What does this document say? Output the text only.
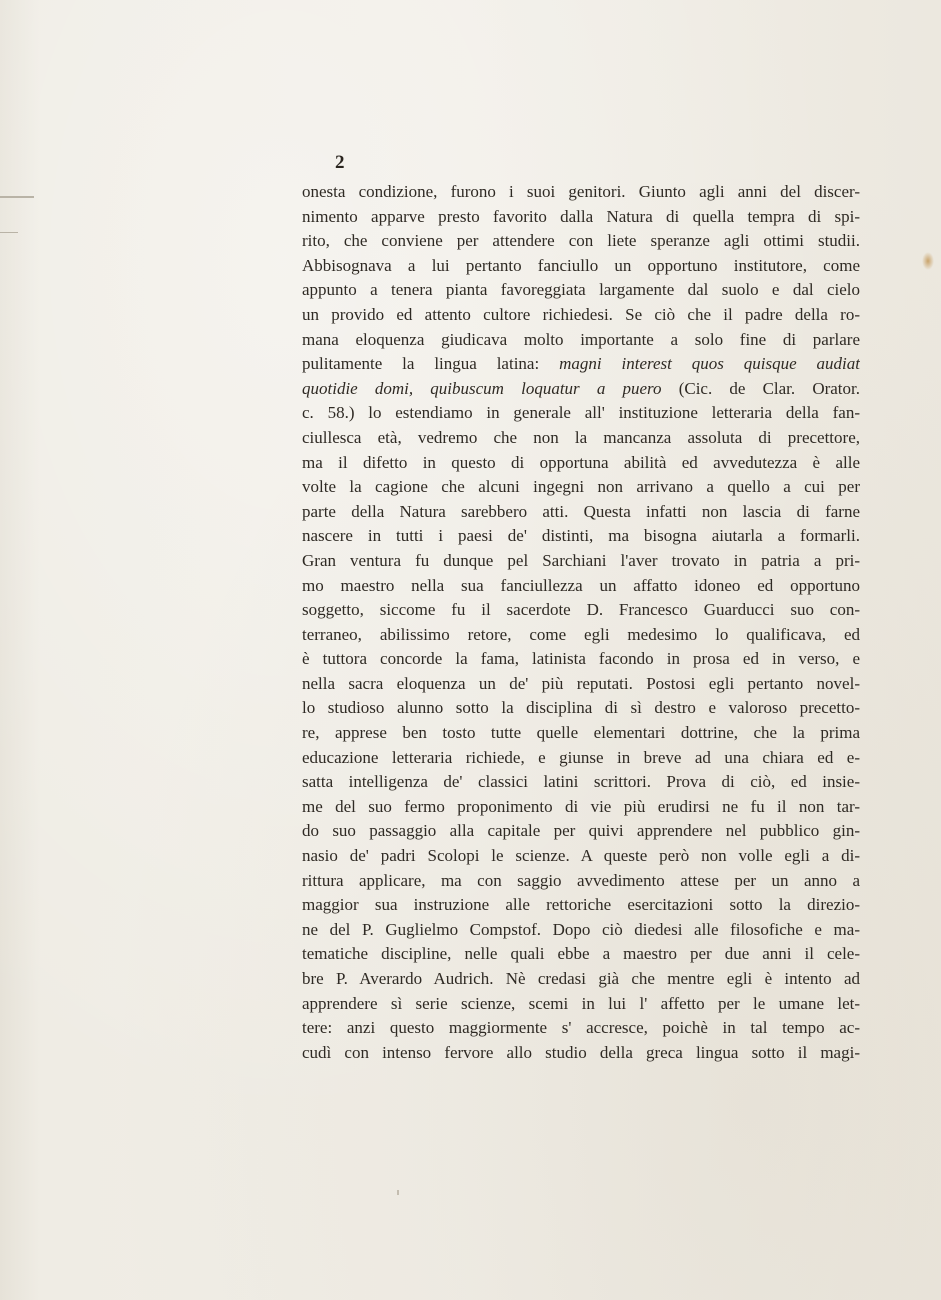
2
onesta condizione, furono i suoi genitori. Giunto agli anni del discer-
nimento apparve presto favorito dalla Natura di quella tempra di spi-
rito, che conviene per attendere con liete speranze agli ottimi studii.
Abbisognava a lui pertanto fanciullo un opportuno institutore, come
appunto a tenera pianta favoreggiata largamente dal suolo e dal cielo
un provido ed attento cultore richiedesi. Se ciò che il padre della ro-
mana eloquenza giudicava molto importante a solo fine di parlare
pulitamente la lingua latina: magni interest quos quisque audiat
quotidie domi, quibuscum loquatur a puero (Cic. de Clar. Orator.
c. 58.) lo estendiamo in generale all' instituzione letteraria della fan-
ciullesca età, vedremo che non la mancanza assoluta di precettore,
ma il difetto in questo di opportuna abilità ed avvedutezza è alle
volte la cagione che alcuni ingegni non arrivano a quello a cui per
parte della Natura sarebbero atti. Questa infatti non lascia di farne
nascere in tutti i paesi de' distinti, ma bisogna aiutarla a formarli.
Gran ventura fu dunque pel Sarchiani l'aver trovato in patria a pri-
mo maestro nella sua fanciullezza un affatto idoneo ed opportuno
soggetto, siccome fu il sacerdote D. Francesco Guarducci suo con-
terraneo, abilissimo retore, come egli medesimo lo qualificava, ed
è tuttora concorde la fama, latinista facondo in prosa ed in verso, e
nella sacra eloquenza un de' più reputati. Postosi egli pertanto novel-
lo studioso alunno sotto la disciplina di sì destro e valoroso precetto-
re, apprese ben tosto tutte quelle elementari dottrine, che la prima
educazione letteraria richiede, e giunse in breve ad una chiara ed e-
satta intelligenza de' classici latini scrittori. Prova di ciò, ed insie-
me del suo fermo proponimento di vie più erudirsi ne fu il non tar-
do suo passaggio alla capitale per quivi apprendere nel pubblico gin-
nasio de' padri Scolopi le scienze. A queste però non volle egli a di-
rittura applicare, ma con saggio avvedimento attese per un anno a
maggior sua instruzione alle rettoriche esercitazioni sotto la direzio-
ne del P. Guglielmo Compstof. Dopo ciò diedesi alle filosofiche e ma-
tematiche discipline, nelle quali ebbe a maestro per due anni il cele-
bre P. Averardo Audrich. Nè credasi già che mentre egli è intento ad
apprendere sì serie scienze, scemi in lui l' affetto per le umane let-
tere: anzi questo maggiormente s' accresce, poichè in tal tempo ac-
cudì con intenso fervore allo studio della greca lingua sotto il magi-
